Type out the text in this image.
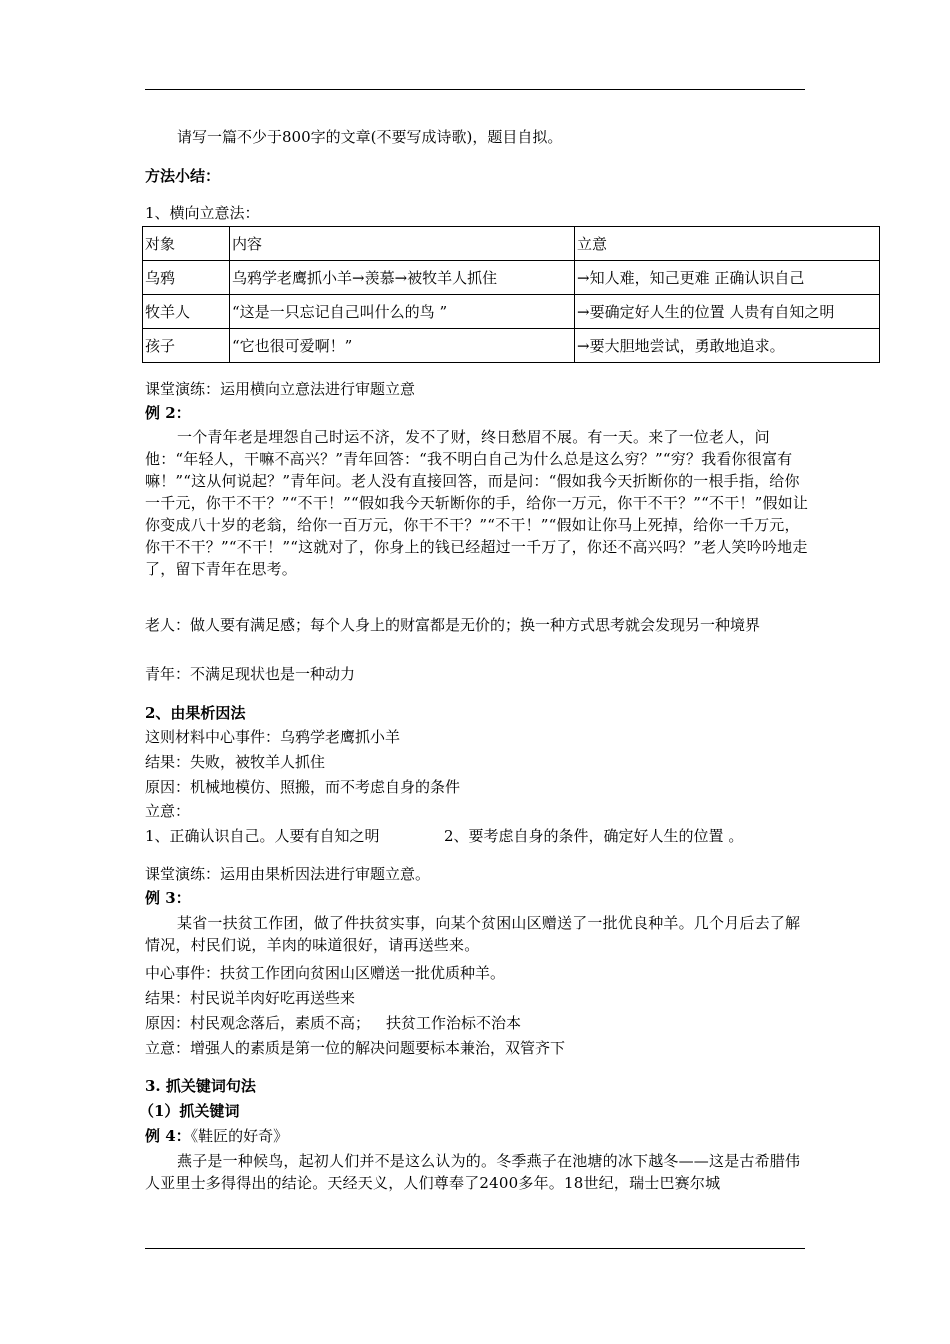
请写一篇不少于800字的文章(不要写成诗歌)，题目自拟。
方法小结：
1、横向立意法：
对象	内容	立意
乌鸦	乌鸦学老鹰抓小羊→羡慕→被牧羊人抓住	→知人难，知己更难 正确认识自己
牧羊人	“这是一只忘记自己叫什么的鸟 ”	→要确定好人生的位置 人贵有自知之明
孩子	“它也很可爱啊！”	→要大胆地尝试，勇敢地追求。
课堂演练：运用横向立意法进行审题立意
例 2：
一个青年老是埋怨自己时运不济，发不了财，终日愁眉不展。有一天。来了一位老人，问他：“年轻人，干嘛不高兴？”青年回答：“我不明白自己为什么总是这么穷？”“穷？我看你很富有嘛！”“这从何说起？”青年问。老人没有直接回答，而是问：“假如我今天折断你的一根手指，给你一千元，你干不干？”“不干！”“假如我今天斩断你的手，给你一万元，你干不干？”“不干！”假如让你变成八十岁的老翁，给你一百万元，你干不干？”“不干！”“假如让你马上死掉，给你一千万元，你干不干？”“不干！”“这就对了，你身上的钱已经超过一千万了，你还不高兴吗？”老人笑吟吟地走了，留下青年在思考。
老人：做人要有满足感；每个人身上的财富都是无价的；换一种方式思考就会发现另一种境界
青年：不满足现状也是一种动力
2、由果析因法
这则材料中心事件：乌鸦学老鹰抓小羊
结果：失败，被牧羊人抓住
原因：机械地模仿、照搬，而不考虑自身的条件
立意：
1、正确认识自己。人要有自知之明	2、要考虑自身的条件，确定好人生的位置 。
课堂演练：运用由果析因法进行审题立意。
例 3：
某省一扶贫工作团，做了件扶贫实事，向某个贫困山区赠送了一批优良种羊。几个月后去了解情况，村民们说，羊肉的味道很好，请再送些来。
中心事件：扶贫工作团向贫困山区赠送一批优质种羊。
结果：村民说羊肉好吃再送些来
原因：村民观念落后，素质不高； 扶贫工作治标不治本
立意：增强人的素质是第一位的解决问题要标本兼治，双管齐下
3. 抓关键词句法
（1）抓关键词
例 4：《鞋匠的好奇》
燕子是一种候鸟，起初人们并不是这么认为的。冬季燕子在池塘的冰下越冬——这是古希腊伟人亚里士多得得出的结论。天经天义，人们尊奉了2400多年。18世纪，瑞士巴赛尔城
